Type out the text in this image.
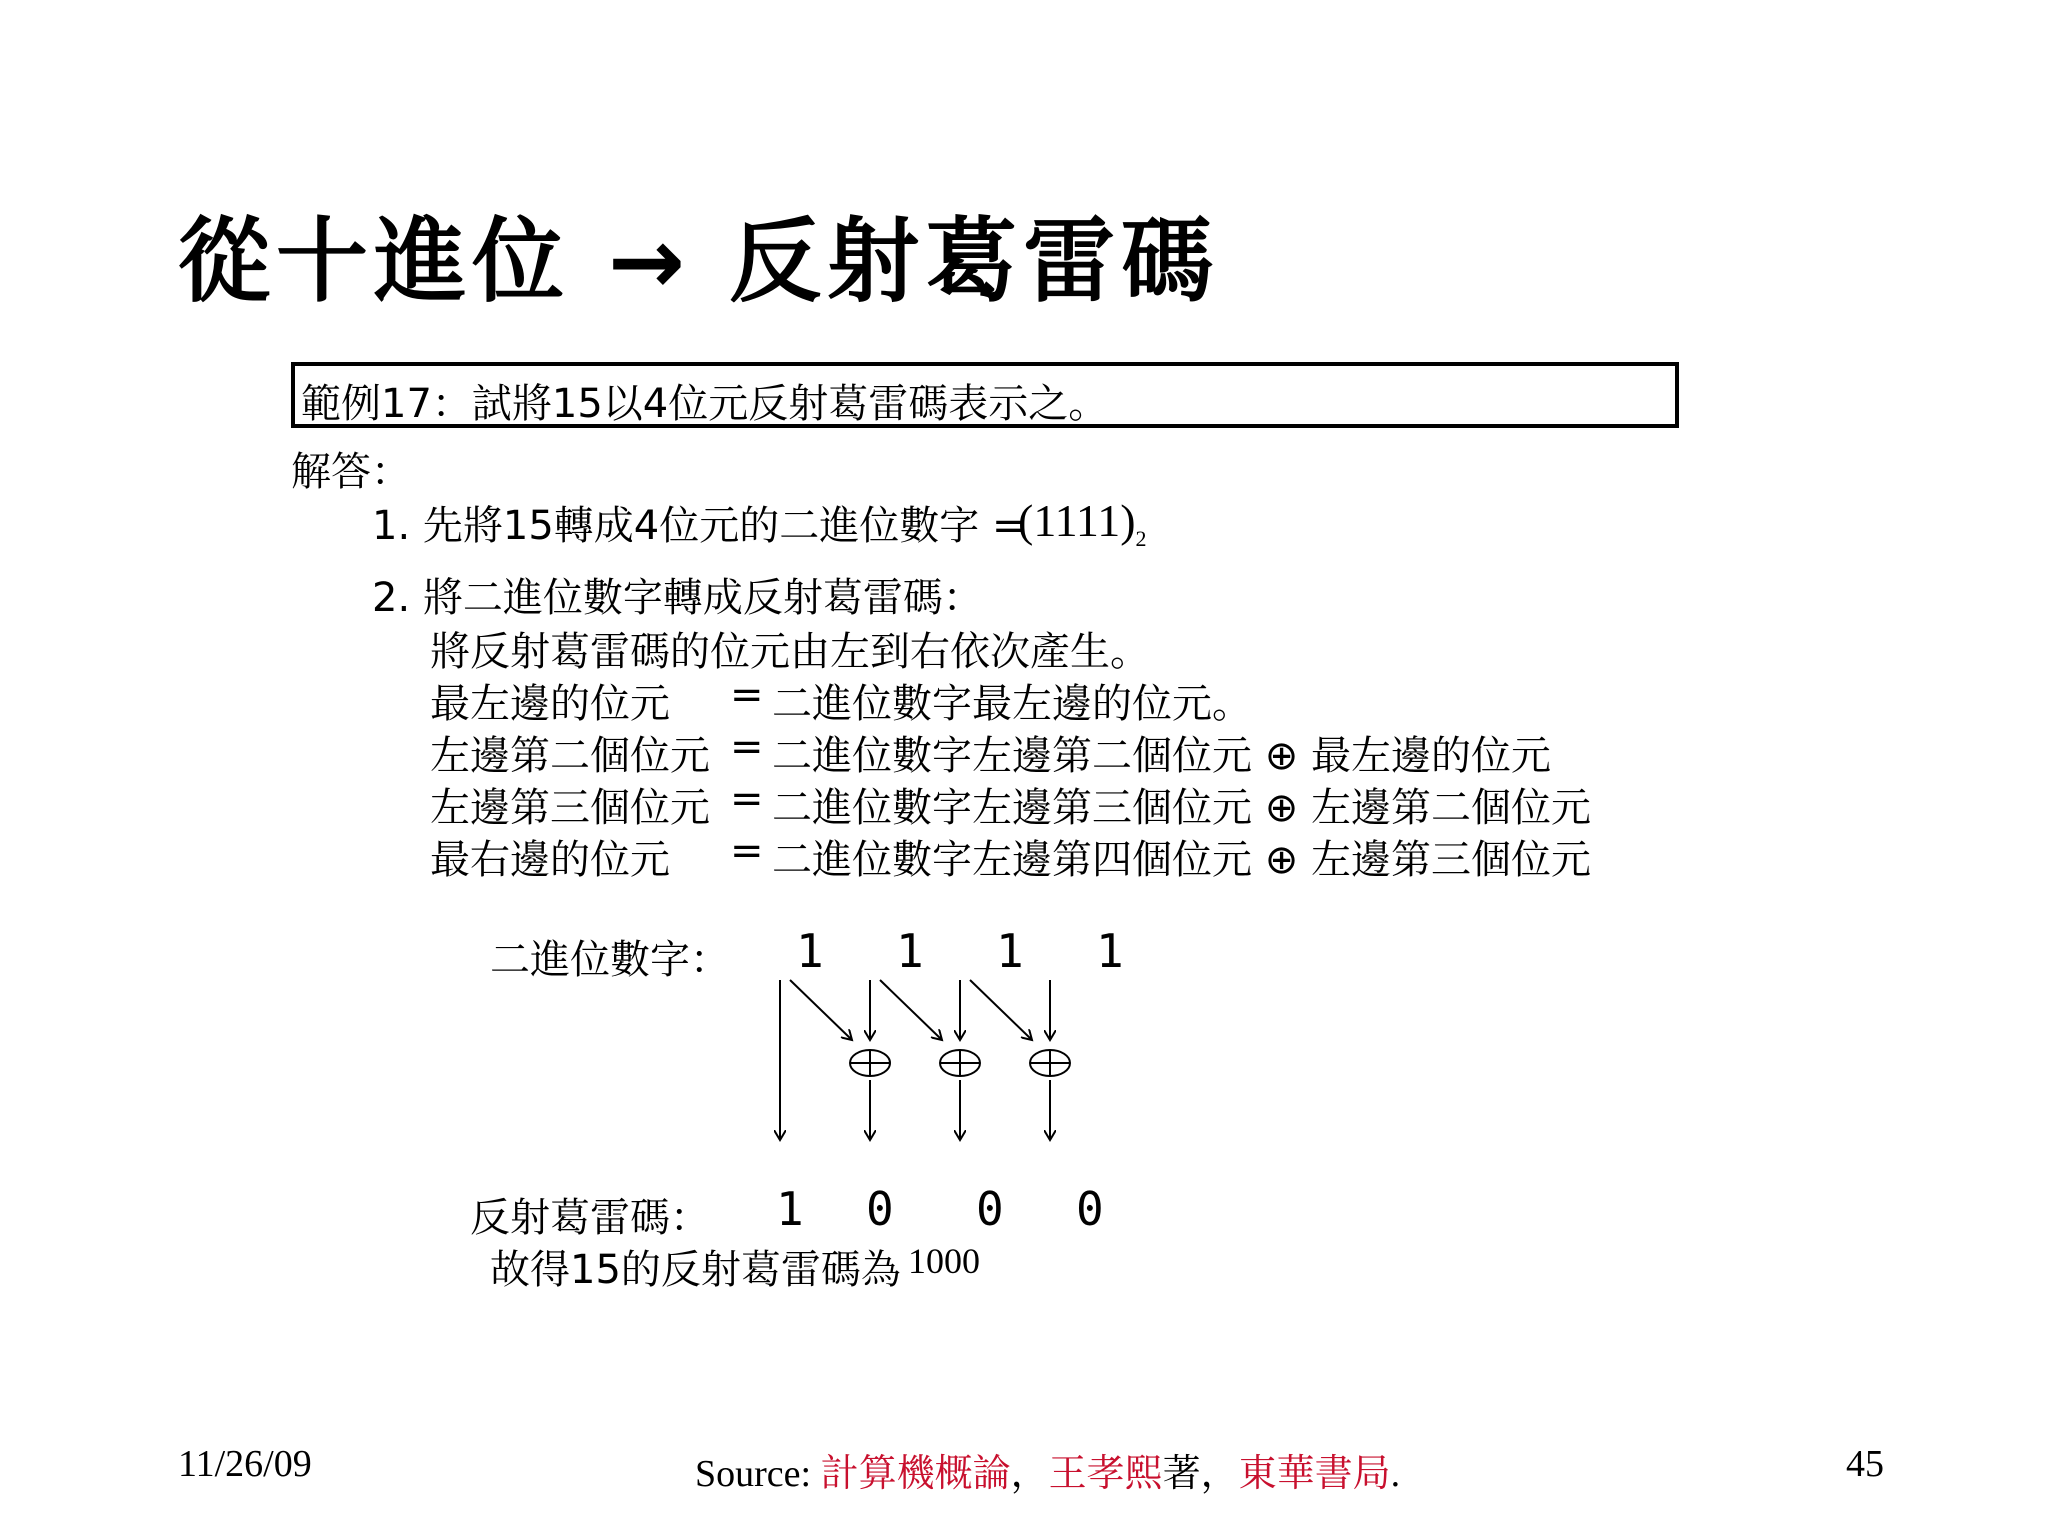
從十進位 → 反射葛雷碼
範例17：試將15以4位元反射葛雷碼表示之。
解答：
1. 先將15轉成4位元的二進位數字 =
$(1111)_2$
2. 將二進位數字轉成反射葛雷碼：
將反射葛雷碼的位元由左到右依次產生。
最左邊的位元 = 二進位數字最左邊的位元。
左邊第二個位元 = 二進位數字左邊第二個位元 ⊕ 最左邊的位元
左邊第三個位元 = 二進位數字左邊第三個位元 ⊕ 左邊第二個位元
最右邊的位元 = 二進位數字左邊第四個位元 ⊕ 左邊第三個位元
二進位數字： 1 1 1 1
反射葛雷碼： 1 0 0 0
故得15的反射葛雷碼為 1000
11/26/09	Source: 計算機概論，王孝熙著，東華書局.	45
